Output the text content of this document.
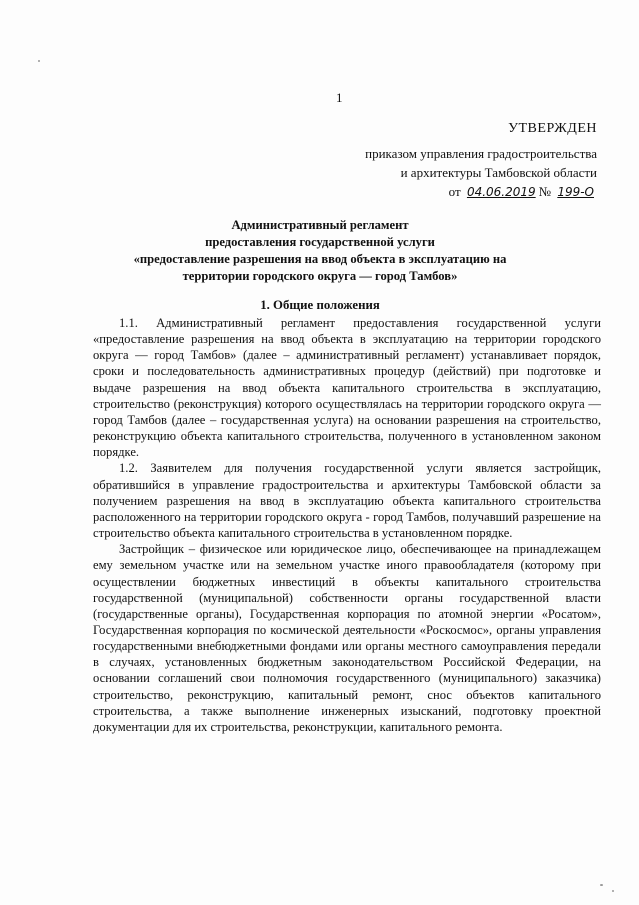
1
УТВЕРЖДЕН
приказом управления градостроительства
и архитектуры Тамбовской области
от 04.06.2019 № 199-О
Административный регламент
предоставления государственной услуги
«предоставление разрешения на ввод объекта в эксплуатацию на
территории городского округа — город Тамбов»
1. Общие положения

1.1. Административный регламент предоставления государственной услуги «предоставление разрешения на ввод объекта в эксплуатацию на территории городского округа — город Тамбов» (далее – административный регламент) устанавливает порядок, сроки и последовательность административных процедур (действий) при подготовке и выдаче разрешения на ввод объекта капитального строительства в эксплуатацию, строительство (реконструкция) которого осуществлялась на территории городского округа — город Тамбов (далее – государственная услуга) на основании разрешения на строительство, реконструкцию объекта капитального строительства, полученного в установленном законом порядке.

1.2. Заявителем для получения государственной услуги является застройщик, обратившийся в управление градостроительства и архитектуры Тамбовской области за получением разрешения на ввод в эксплуатацию объекта капитального строительства расположенного на территории городского округа - город Тамбов, получавший разрешение на строительство объекта капитального строительства в установленном порядке.

Застройщик – физическое или юридическое лицо, обеспечивающее на принадлежащем ему земельном участке или на земельном участке иного правообладателя (которому при осуществлении бюджетных инвестиций в объекты капитального строительства государственной (муниципальной) собственности органы государственной власти (государственные органы), Государственная корпорация по атомной энергии «Росатом», Государственная корпорация по космической деятельности «Роскосмос», органы управления государственными внебюджетными фондами или органы местного самоуправления передали в случаях, установленных бюджетным законодательством Российской Федерации, на основании соглашений свои полномочия государственного (муниципального) заказчика) строительство, реконструкцию, капитальный ремонт, снос объектов капитального строительства, а также выполнение инженерных изысканий, подготовку проектной документации для их строительства, реконструкции, капитального ремонта.
